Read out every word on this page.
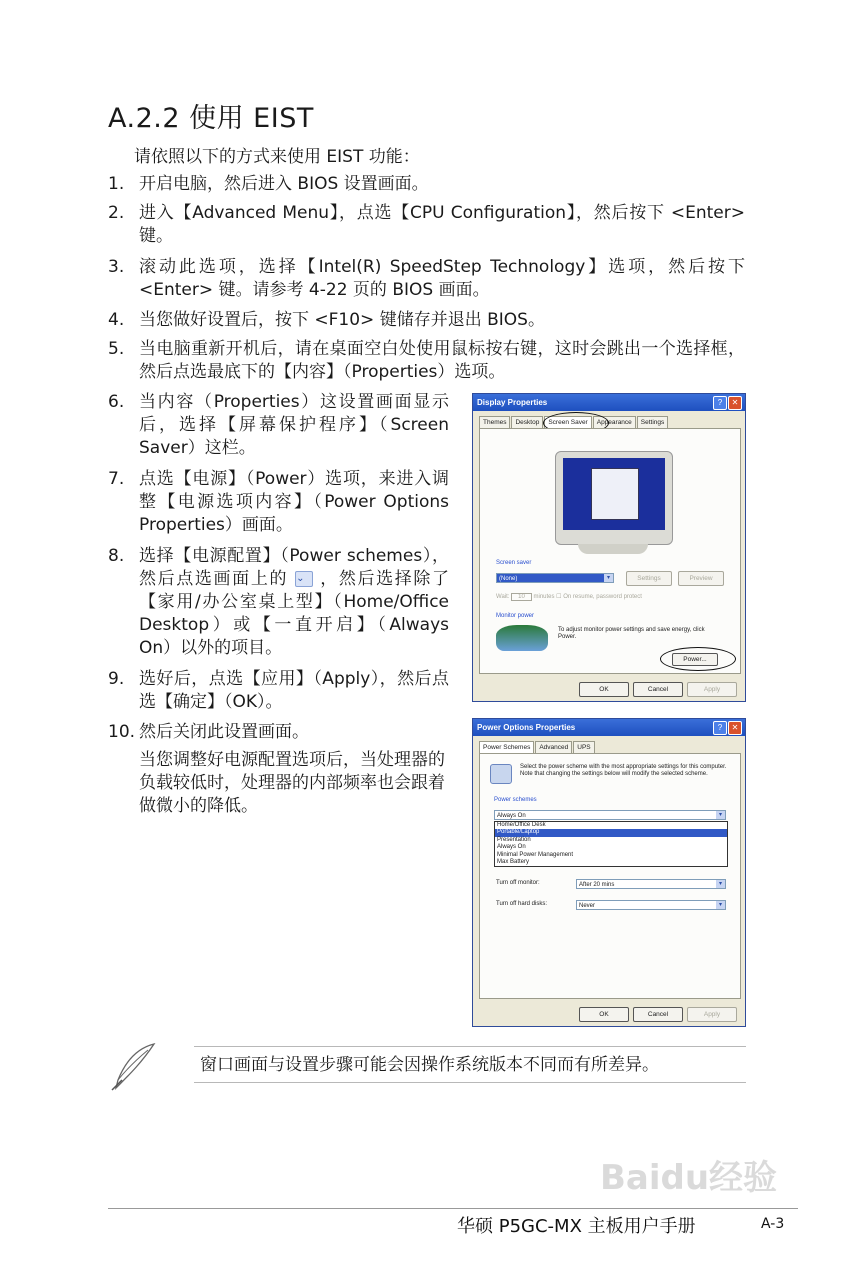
A.2.2 使用 EIST
请依照以下的方式来使用 EIST 功能：
1. 开启电脑，然后进入 BIOS 设置画面。
2. 进入【Advanced Menu】，点选【CPU Configuration】，然后按下 <Enter> 键。
3. 滚动此选项，选择【Intel(R) SpeedStep Technology】选项，然后按下 <Enter> 键。请参考 4-22 页的 BIOS 画面。
4. 当您做好设置后，按下 <F10> 键储存并退出 BIOS。
5. 当电脑重新开机后，请在桌面空白处使用鼠标按右键，这时会跳出一个选择框，然后点选最底下的【内容】（Properties）选项。
6. 当内容（Properties）这设置画面显示后，选择【屏幕保护程序】（Screen Saver）这栏。
7. 点选【电源】（Power）选项，来进入调整【电源选项内容】（Power Options Properties）画面。
8. 选择【电源配置】（Power schemes），然后点选画面上的 ⌄ ，然后选择除了【家用/办公室桌上型】（Home/Office Desktop）或【一直开启】（Always On）以外的项目。
9. 选好后，点选【应用】（Apply），然后点选【确定】（OK）。
10. 然后关闭此设置画面。
当您调整好电源配置选项后，当处理器的负载较低时，处理器的内部频率也会跟着做微小的降低。
Display Properties	?	✕
Themes	Desktop	Screen Saver	Appearance	Settings
Screen saver
(None)	▾	Settings	Preview
Wait: 10 minutes ☐ On resume, password protect
Monitor power
To adjust monitor power settings and save energy, click Power.
Power...
OK	Cancel	Apply
Power Options Properties	?	✕
Power Schemes	Advanced	UPS
Select the power scheme with the most appropriate settings for this computer. Note that changing the settings below will modify the selected scheme.
Power schemes
Always On	▾
Home/Office Desk
Portable/Laptop
Presentation
Always On
Minimal Power Management
Max Battery
Turn off monitor:	After 20 mins	▾
Turn off hard disks:	Never	▾
OK	Cancel	Apply
窗口画面与设置步骤可能会因操作系统版本不同而有所差异。
Baidu经验
华硕 P5GC-MX 主板用户手册	A-3
